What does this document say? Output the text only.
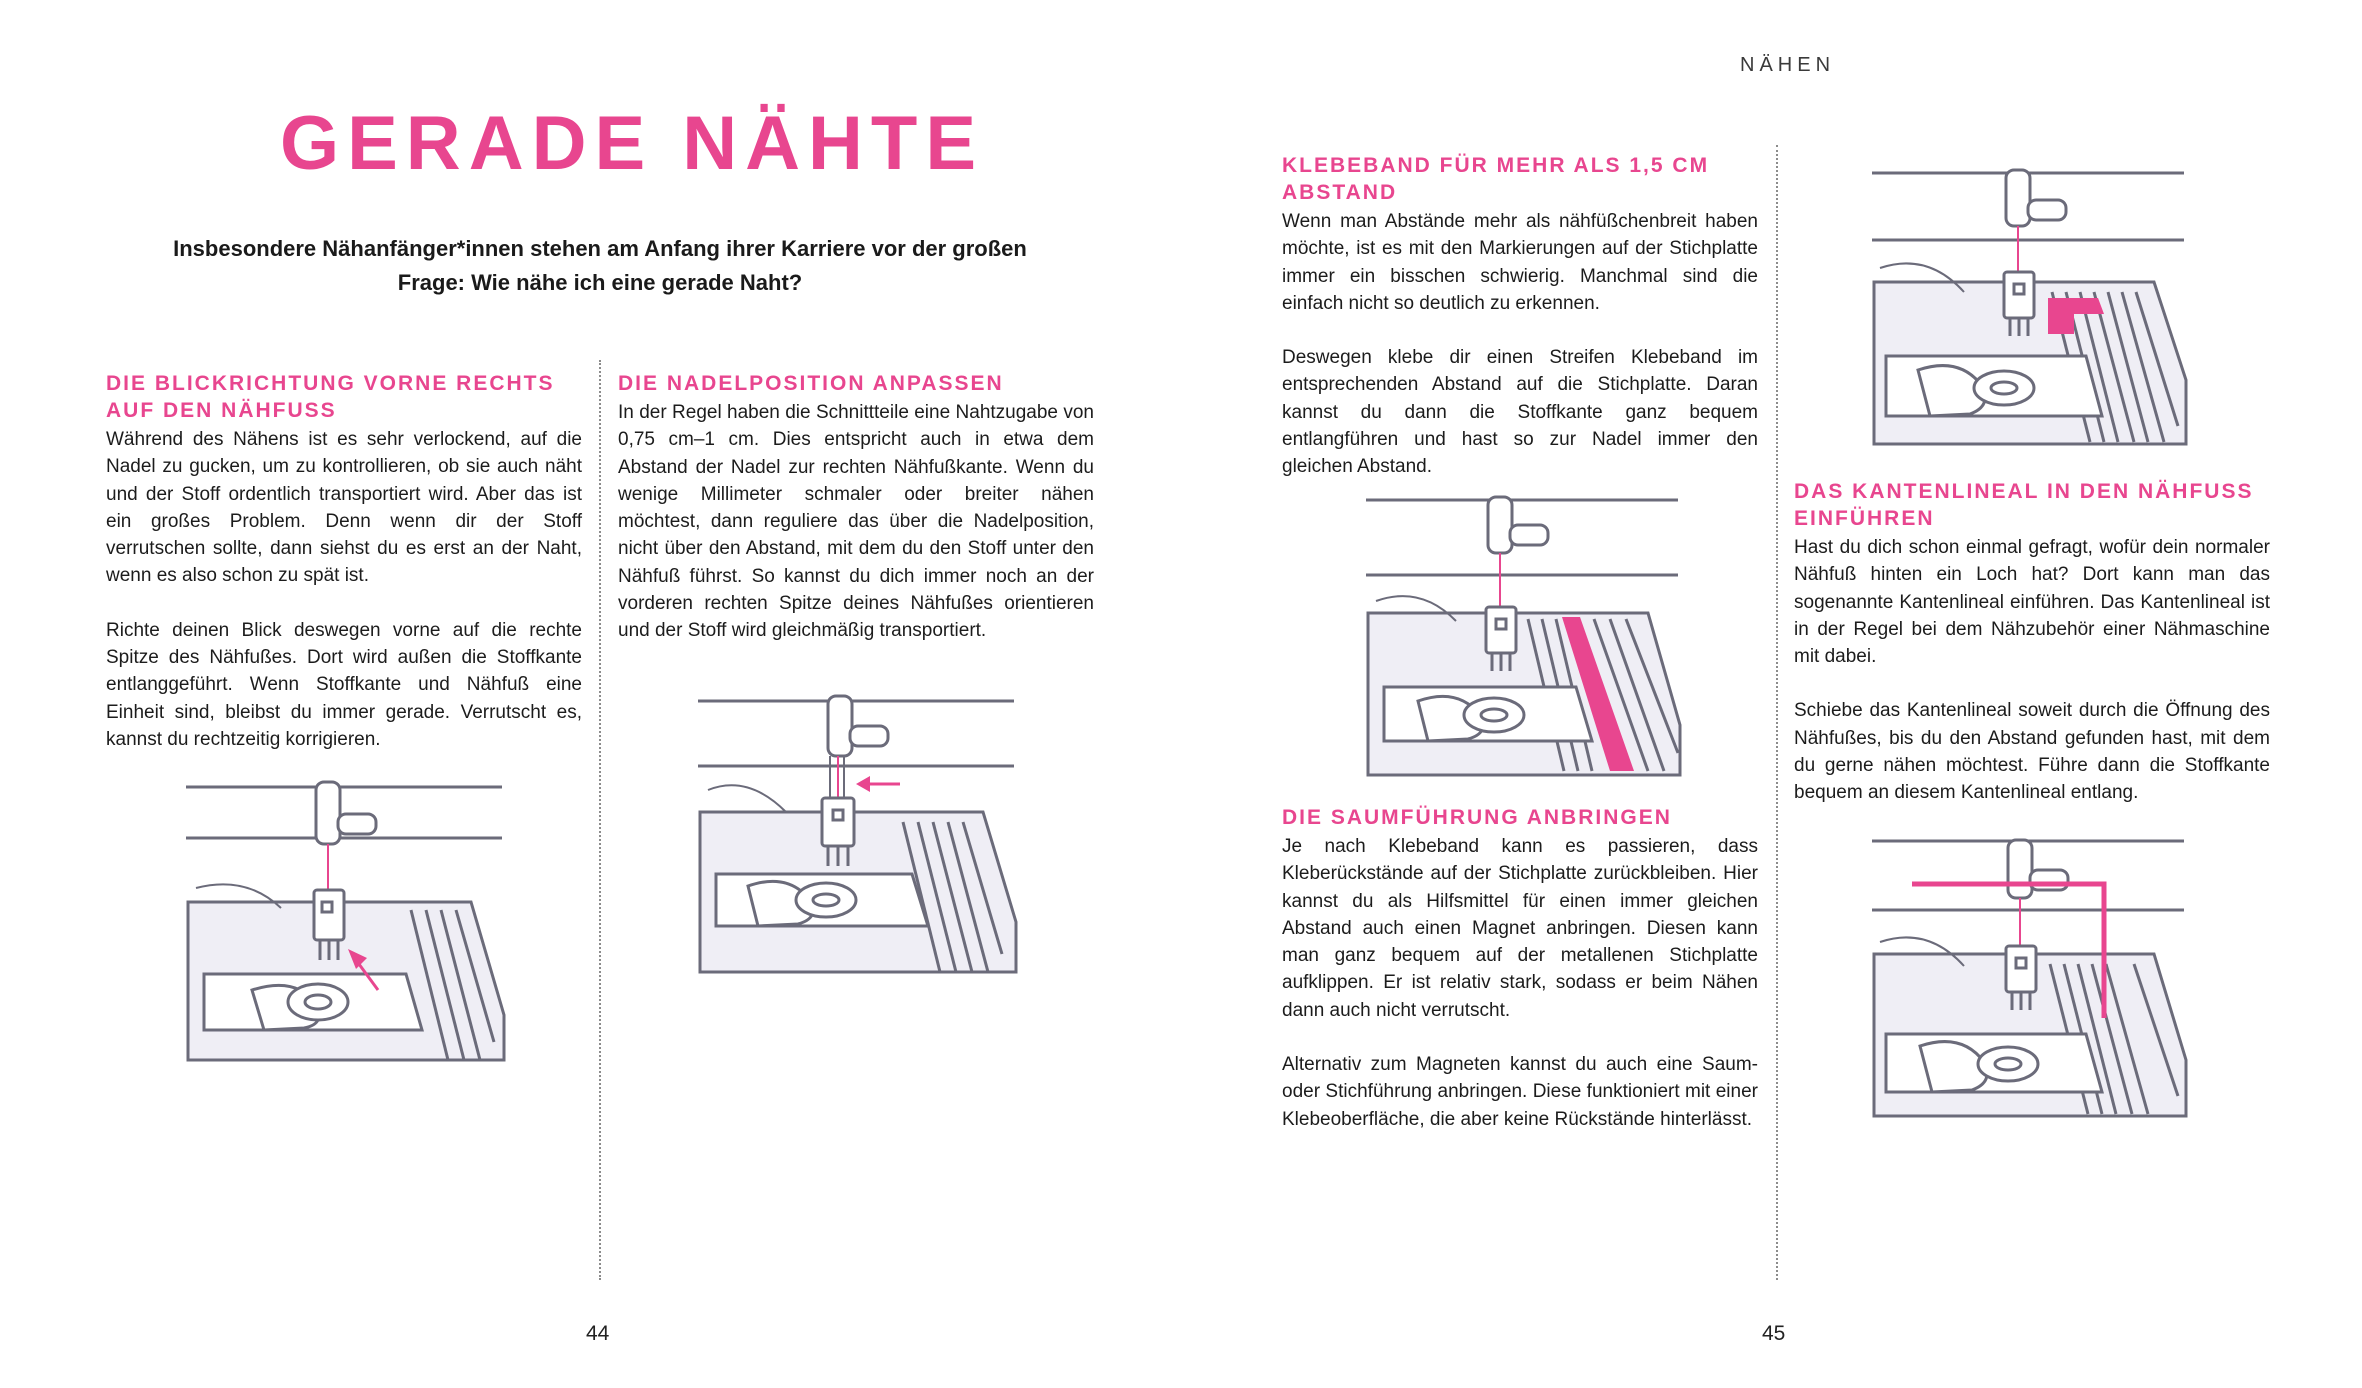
NÄHEN
GERADE NÄHTE
Insbesondere Nähanfänger*innen stehen am Anfang ihrer Karriere vor der großen Frage: Wie nähe ich eine gerade Naht?
DIE BLICKRICHTUNG VORNE RECHTS AUF DEN NÄHFUSS

Während des Nähens ist es sehr verlockend, auf die Nadel zu gucken, um zu kontrollieren, ob sie auch näht und der Stoff ordentlich transportiert wird. Aber das ist ein großes Problem. Denn wenn dir der Stoff verrutschen sollte, dann siehst du es erst an der Naht, wenn es also schon zu spät ist.

Richte deinen Blick deswegen vorne auf die rechte Spitze des Nähfußes. Dort wird außen die Stoffkante entlanggeführt. Wenn Stoffkante und Nähfuß eine Einheit sind, bleibst du immer gerade. Verrutscht es, kannst du rechtzeitig korrigieren.

DIE NADELPOSITION ANPASSEN

In der Regel haben die Schnittteile eine Nahtzugabe von 0,75 cm–1 cm. Dies entspricht auch in etwa dem Abstand der Nadel zur rechten Nähfußkante. Wenn du wenige Millimeter schmaler oder breiter nähen möchtest, dann reguliere das über die Nadelposition, nicht über den Abstand, mit dem du den Stoff unter den Nähfuß führst. So kannst du dich immer noch an der vorderen rechten Spitze deines Nähfußes orientieren und der Stoff wird gleichmäßig transportiert.

KLEBEBAND FÜR MEHR ALS 1,5 CM ABSTAND

Wenn man Abstände mehr als nähfüßchenbreit haben möchte, ist es mit den Markierungen auf der Stichplatte immer ein bisschen schwierig. Manchmal sind die einfach nicht so deutlich zu erkennen.

Deswegen klebe dir einen Streifen Klebeband im entsprechenden Abstand auf die Stichplatte. Daran kannst du dann die Stoffkante ganz bequem entlangführen und hast so zur Nadel immer den gleichen Abstand.

DIE SAUMFÜHRUNG ANBRINGEN

Je nach Klebeband kann es passieren, dass Kleberückstände auf der Stichplatte zurückbleiben. Hier kannst du als Hilfsmittel für einen immer gleichen Abstand auch einen Magnet anbringen. Diesen kann man ganz bequem auf der metallenen Stichplatte aufklippen. Er ist relativ stark, sodass er beim Nähen dann auch nicht verrutscht.

Alternativ zum Magneten kannst du auch eine Saum- oder Stichführung anbringen. Diese funktioniert mit einer Klebeoberfläche, die aber keine Rückstände hinterlässt.

DAS KANTENLINEAL IN DEN NÄHFUSS EINFÜHREN

Hast du dich schon einmal gefragt, wofür dein normaler Nähfuß hinten ein Loch hat? Dort kann man das sogenannte Kantenlineal einführen. Das Kantenlineal ist in der Regel bei dem Nähzubehör einer Nähmaschine mit dabei.

Schiebe das Kantenlineal soweit durch die Öffnung des Nähfußes, bis du den Abstand gefunden hast, mit dem du gerne nähen möchtest. Führe dann die Stoffkante bequem an diesem Kantenlineal entlang.

44	45
